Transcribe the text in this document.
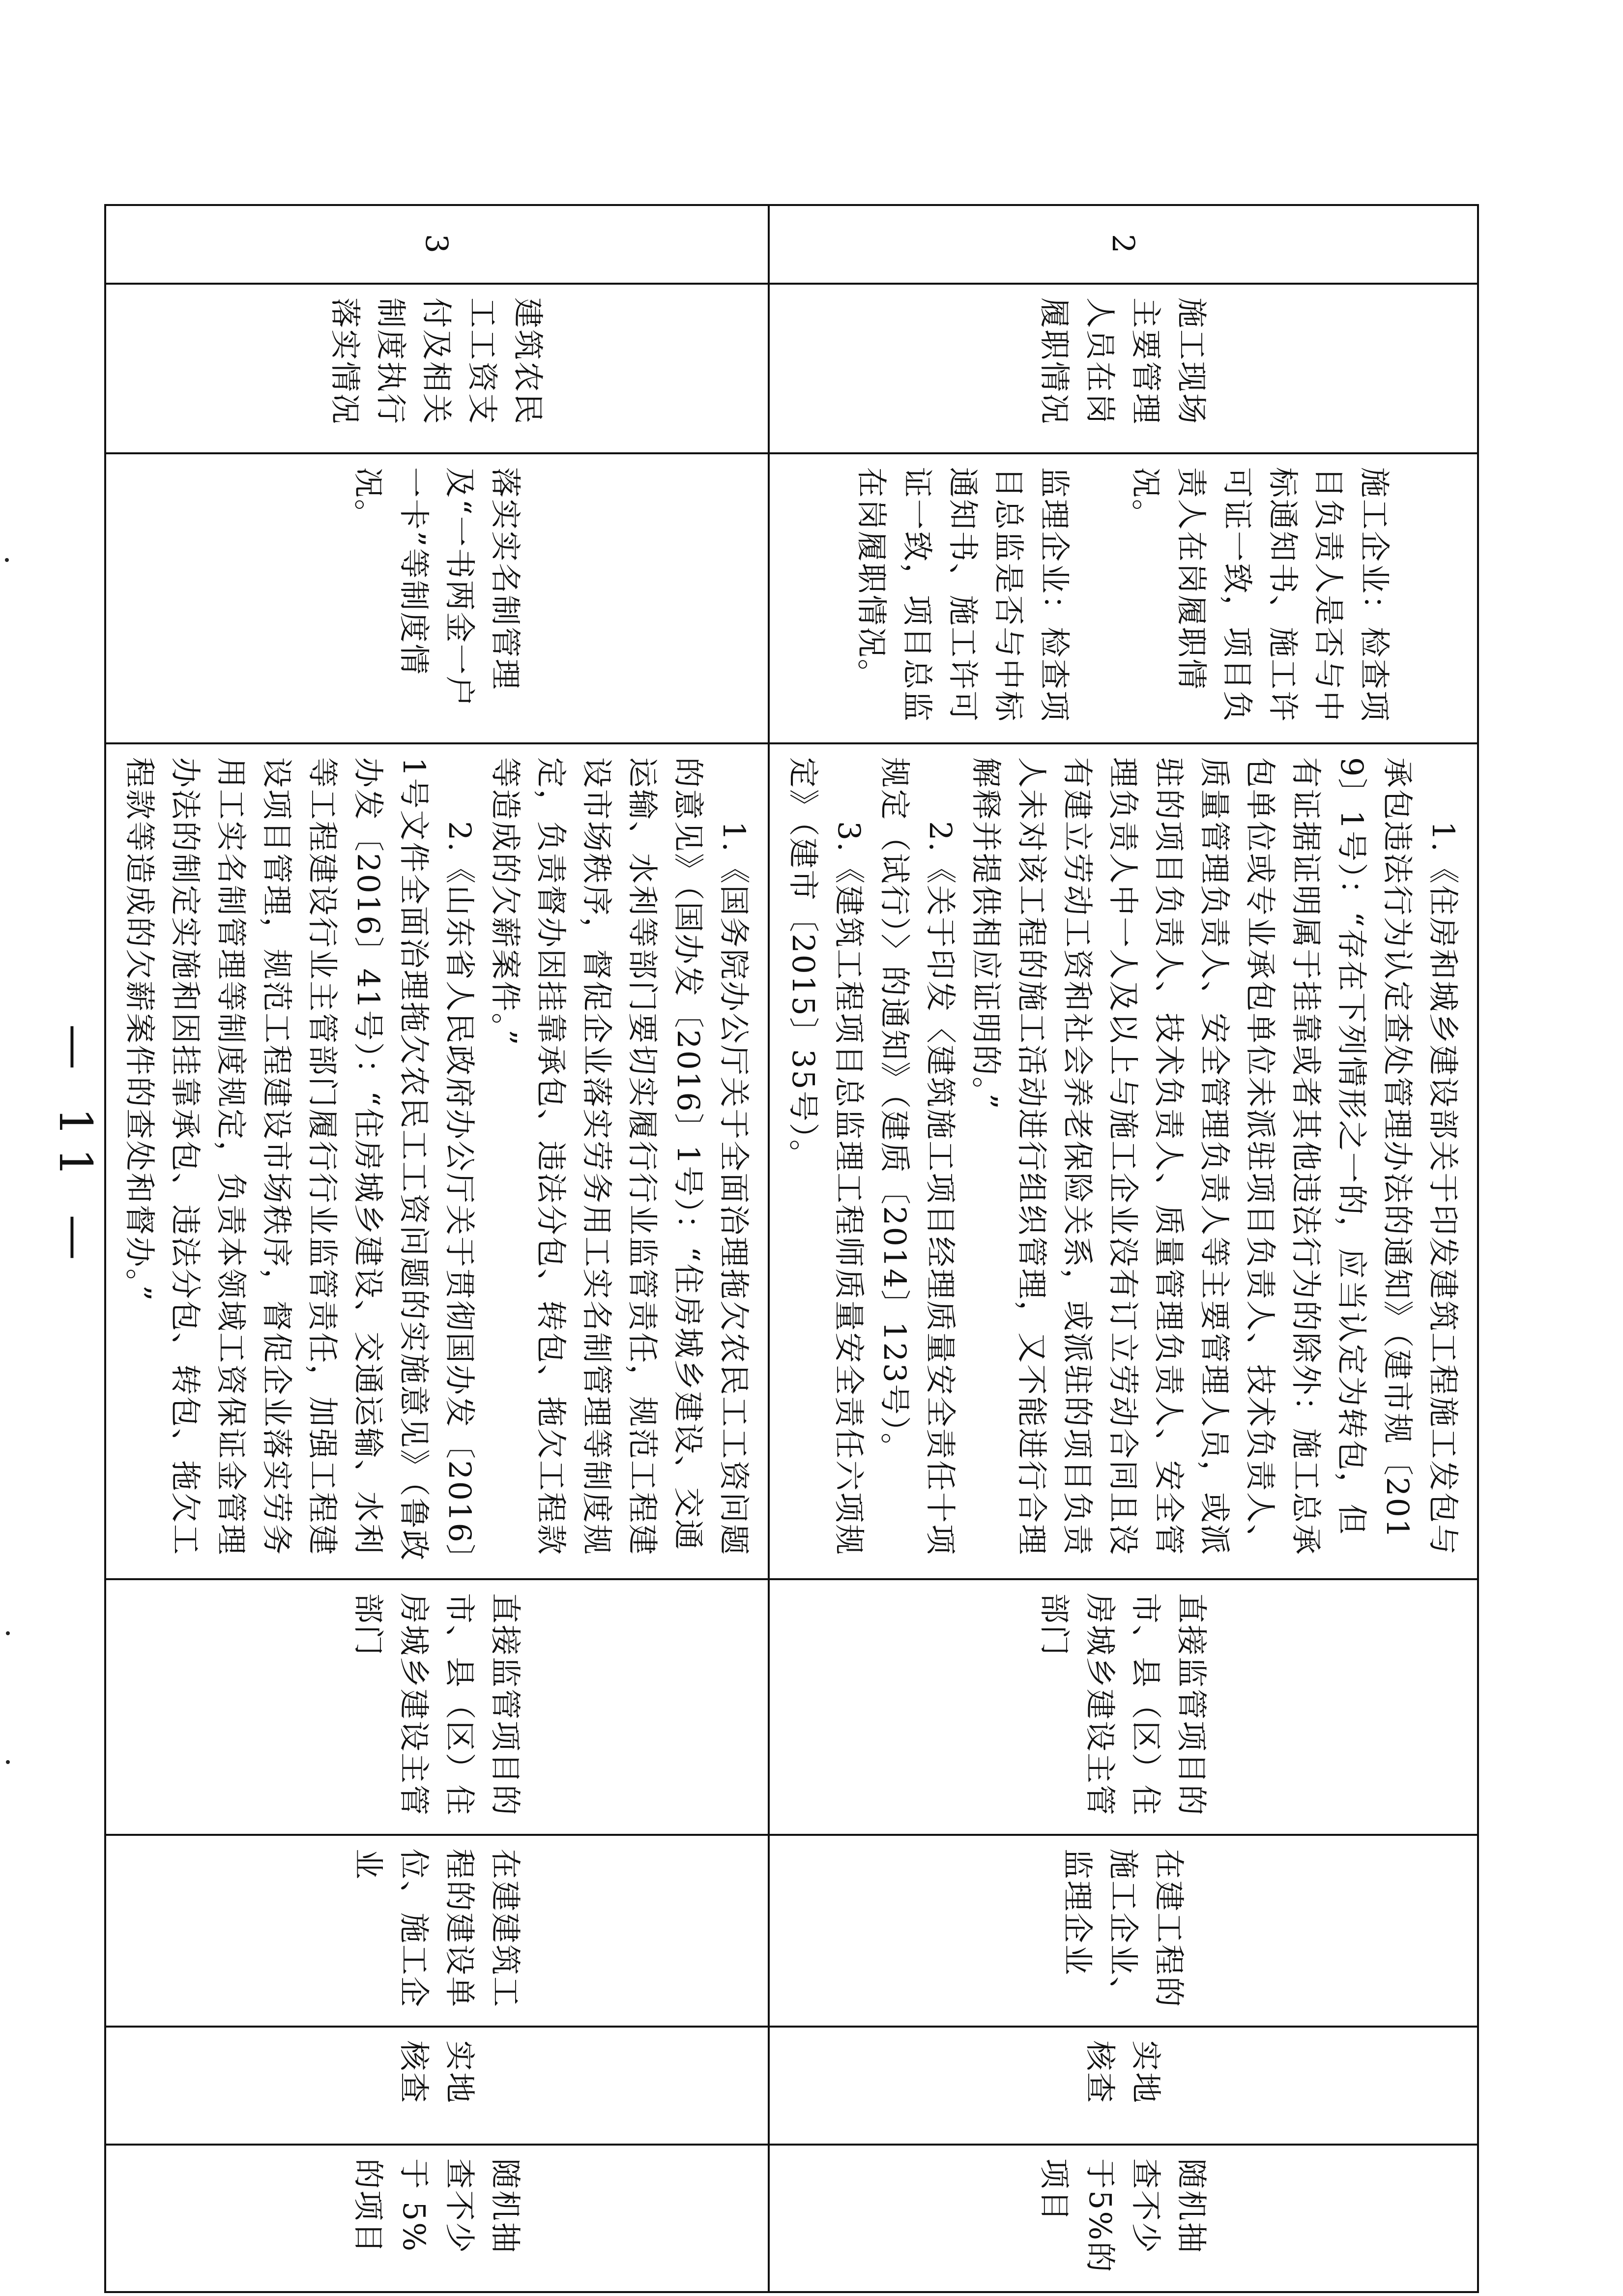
2	施工现场主要管理人员在岗履职情况	施工企业：检查项目负责人是否与中标通知书、施工许可证一致，项目负责人在岗履职情况。
监理企业：检查项目总监是否与中标通知书、施工许可证一致，项目总监在岗履职情况。	1.《住房和城乡建设部关于印发建筑工程施工发包与承包违法行为认定查处管理办法的通知》（建市规〔2019〕1号）：“存在下列情形之一的，应当认定为转包，但有证据证明属于挂靠或者其他违法行为的除外：施工总承包单位或专业承包单位未派驻项目负责人、技术负责人、质量管理负责人、安全管理负责人等主要管理人员，或派驻的项目负责人、技术负责人、质量管理负责人、安全管理负责人中一人及以上与施工企业没有订立劳动合同且没有建立劳动工资和社会养老保险关系，或派驻的项目负责人未对该工程的施工活动进行组织管理，又不能进行合理解释并提供相应证明的。”
2.《关于印发〈建筑施工项目经理质量安全责任十项规定（试行）〉的通知》（建质〔2014〕123号）。
3.《建筑工程项目总监理工程师质量安全责任六项规定》（建市〔2015〕35号）。	直接监管项目的市、县（区）住房城乡建设主管部门	在建工程的施工企业、监理企业	实地核查	随机抽查不少于5%的项目
3	建筑农民工工资支付及相关制度执行落实情况	落实实名制管理及“一书两金一户一卡”等制度情况。	1.《国务院办公厅关于全面治理拖欠农民工工资问题的意见》（国办发〔2016〕1号）：“住房城乡建设、交通运输、水利等部门要切实履行行业监管责任，规范工程建设市场秩序，督促企业落实劳务用工实名制管理等制度规定，负责督办因挂靠承包、违法分包、转包、拖欠工程款等造成的欠薪案件。”
2.《山东省人民政府办公厅关于贯彻国办发〔2016〕1号文件全面治理拖欠农民工工资问题的实施意见》（鲁政办发〔2016〕41号）：“住房城乡建设、交通运输、水利等工程建设行业主管部门履行行业监管责任，加强工程建设项目管理，规范工程建设市场秩序，督促企业落实劳务用工实名制管理等制度规定，负责本领域工资保证金管理办法的制定实施和因挂靠承包、违法分包、转包、拖欠工程款等造成的欠薪案件的查处和督办。”	直接监管项目的市、县（区）住房城乡建设主管部门	在建建筑工程的建设单位、施工企业	实地核查	随机抽查不少于 5%的项目
— 11 —
